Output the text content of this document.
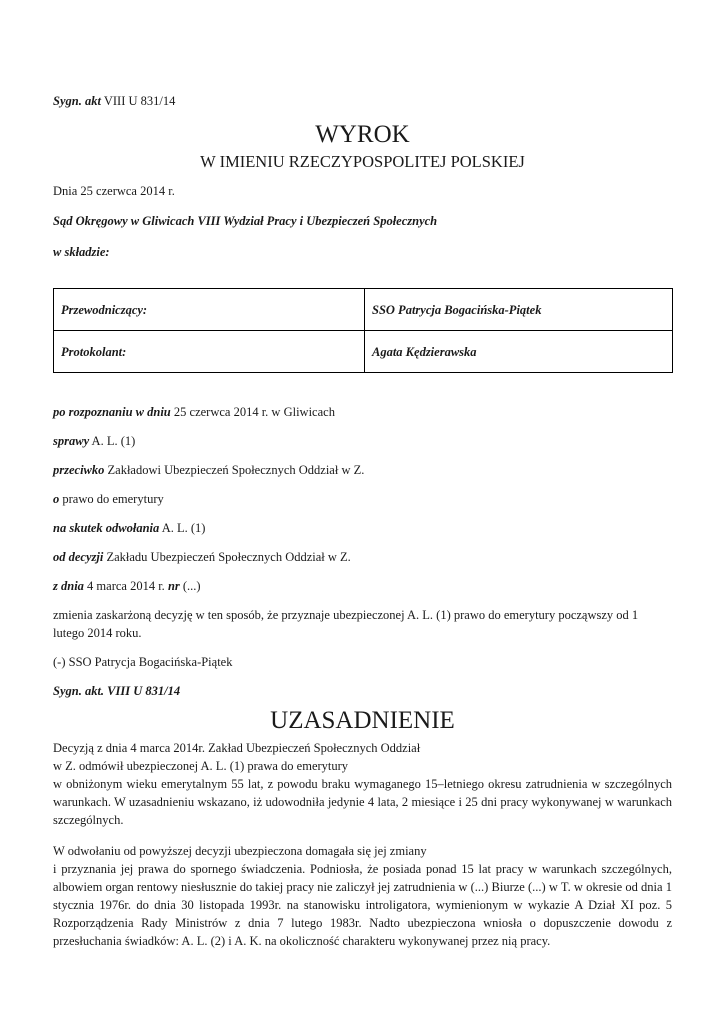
Sygn. akt VIII U 831/14

WYROK

W IMIENIU RZECZYPOSPOLITEJ POLSKIEJ

Dnia 25 czerwca 2014 r.

Sąd Okręgowy w Gliwicach VIII Wydział Pracy i Ubezpieczeń Społecznych

w składzie:

Przewodniczący:	SSO Patrycja Bogacińska-Piątek
Protokolant:	Agata Kędzierawska

po rozpoznaniu w dniu 25 czerwca 2014 r. w Gliwicach

sprawy A. L. (1)

przeciwko Zakładowi Ubezpieczeń Społecznych Oddział w Z.

o prawo do emerytury

na skutek odwołania A. L. (1)

od decyzji Zakładu Ubezpieczeń Społecznych Oddział w Z.

z dnia 4 marca 2014 r. nr (...)

zmienia zaskarżoną decyzję w ten sposób, że przyznaje ubezpieczonej A. L. (1) prawo do emerytury począwszy od 1 lutego 2014 roku.

(-) SSO Patrycja Bogacińska-Piątek

Sygn. akt. VIII U 831/14

UZASADNIENIE

Decyzją z dnia 4 marca 2014r. Zakład Ubezpieczeń Społecznych Oddział

w Z. odmówił ubezpieczonej A. L. (1) prawa do emerytury

w obniżonym wieku emerytalnym 55 lat, z powodu braku wymaganego 15–letniego okresu zatrudnienia w szczególnych warunkach. W uzasadnieniu wskazano, iż udowodniła jedynie 4 lata, 2 miesiące i 25 dni pracy wykonywanej w warunkach szczególnych.

W odwołaniu od powyższej decyzji ubezpieczona domagała się jej zmiany

i przyznania jej prawa do spornego świadczenia. Podniosła, że posiada ponad 15 lat pracy w warunkach szczególnych, albowiem organ rentowy niesłusznie do takiej pracy nie zaliczył jej zatrudnienia w (...) Biurze (...) w T. w okresie od dnia 1 stycznia 1976r. do dnia 30 listopada 1993r. na stanowisku introligatora, wymienionym w wykazie A Dział XI poz. 5 Rozporządzenia Rady Ministrów z dnia 7 lutego 1983r. Nadto ubezpieczona wniosła o dopuszczenie dowodu z przesłuchania świadków: A. L. (2) i A. K. na okoliczność charakteru wykonywanej przez nią pracy.
